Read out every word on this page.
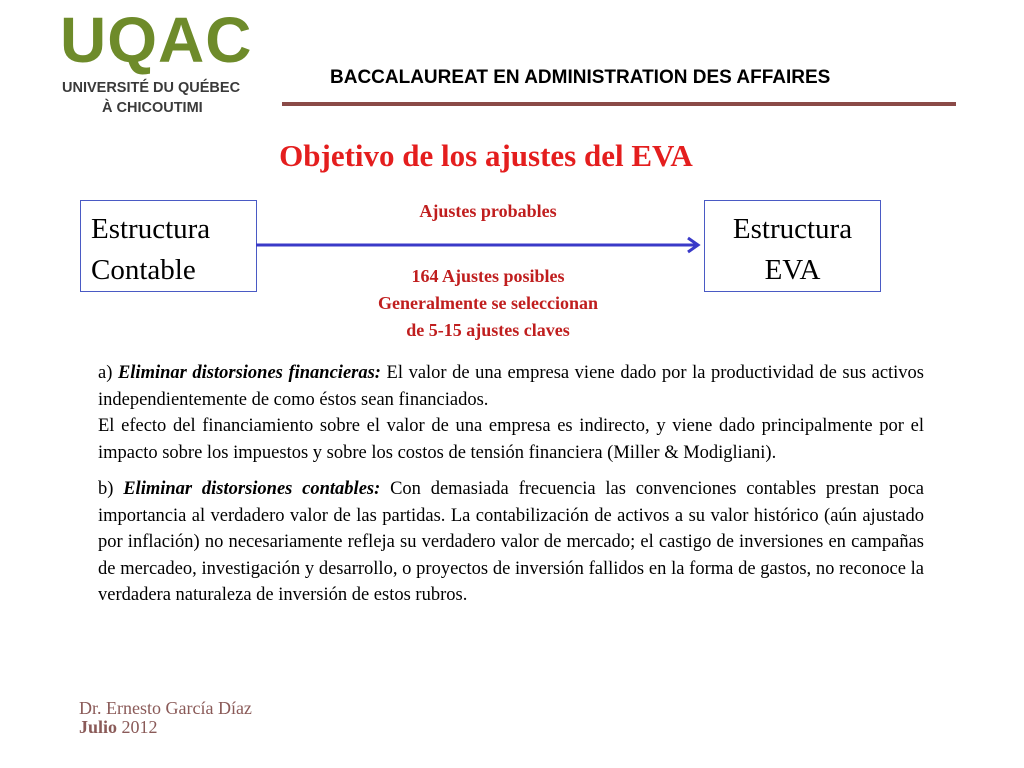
UQAC
UNIVERSITÉ DU QUÉBEC
À CHICOUTIMI
BACCALAUREAT EN ADMINISTRATION DES AFFAIRES
Objetivo de los ajustes del EVA
Estructura
Contable
Estructura
EVA
Ajustes probables
164 Ajustes posibles
Generalmente se seleccionan
de 5-15 ajustes claves

a) Eliminar distorsiones financieras: El valor de una empresa viene dado por la productividad de sus activos independientemente de como éstos sean financiados.

El efecto del financiamiento sobre el valor de una empresa es indirecto, y viene dado principalmente por el impacto sobre los impuestos y sobre los costos de tensión financiera (Miller & Modigliani).

b) Eliminar distorsiones contables: Con demasiada frecuencia las convenciones contables prestan poca importancia al verdadero valor de las partidas. La contabilización de activos a su valor histórico (aún ajustado por inflación) no necesariamente refleja su verdadero valor de mercado; el castigo de inversiones en campañas de mercadeo, investigación y desarrollo, o proyectos de inversión fallidos en la forma de gastos, no reconoce la verdadera naturaleza de inversión de estos rubros.

Dr. Ernesto García Díaz
Julio 2012
